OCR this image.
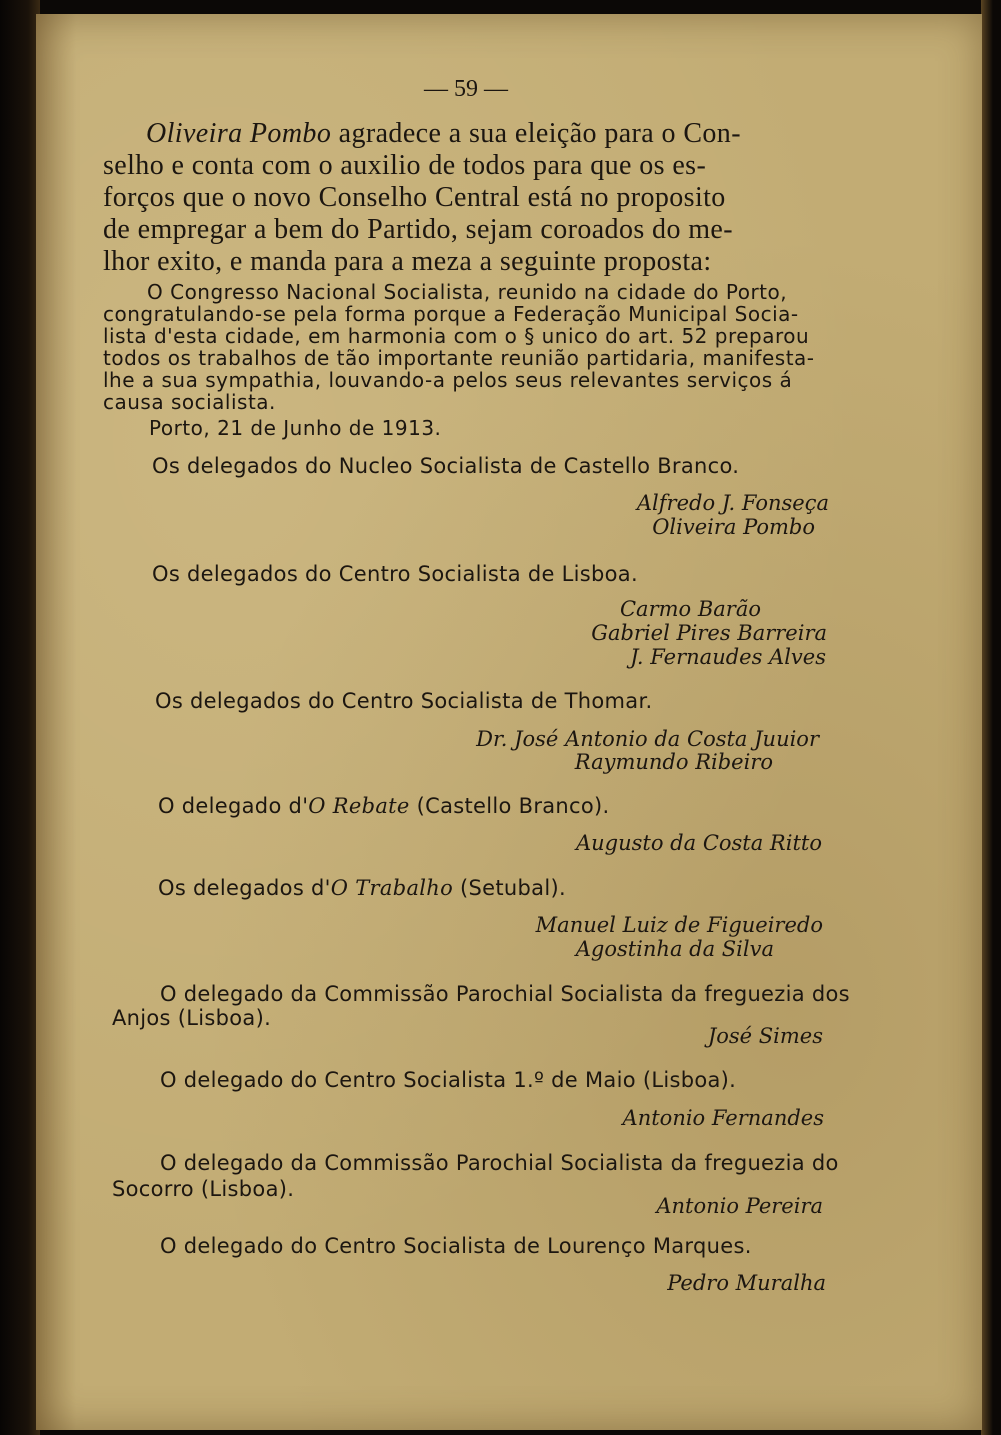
— 59 —
Oliveira Pombo agradece a sua eleição para o Con-
selho e conta com o auxilio de todos para que os es-
forços que o novo Conselho Central está no proposito
de empregar a bem do Partido, sejam coroados do me-
lhor exito, e manda para a meza a seguinte proposta:
O Congresso Nacional Socialista, reunido na cidade do Porto,
congratulando-se pela forma porque a Federação Municipal Socia-
lista d'esta cidade, em harmonia com o § unico do art. 52 preparou
todos os trabalhos de tão importante reunião partidaria, manifesta-
lhe a sua sympathia, louvando-a pelos seus relevantes serviços á
causa socialista.
Porto, 21 de Junho de 1913.
Os delegados do Nucleo Socialista de Castello Branco.
Alfredo J. Fonseça
Oliveira Pombo
Os delegados do Centro Socialista de Lisboa.
Carmo Barão
Gabriel Pires Barreira
J. Fernaudes Alves
Os delegados do Centro Socialista de Thomar.
Dr. José Antonio da Costa Juuior
Raymundo Ribeiro
O delegado d'O Rebate (Castello Branco).
Augusto da Costa Ritto
Os delegados d'O Trabalho (Setubal).
Manuel Luiz de Figueiredo
Agostinha da Silva
O delegado da Commissão Parochial Socialista da freguezia dos
Anjos (Lisboa).
José Simes
O delegado do Centro Socialista 1.º de Maio (Lisboa).
Antonio Fernandes
O delegado da Commissão Parochial Socialista da freguezia do
Socorro (Lisboa).
Antonio Pereira
O delegado do Centro Socialista de Lourenço Marques.
Pedro Muralha
